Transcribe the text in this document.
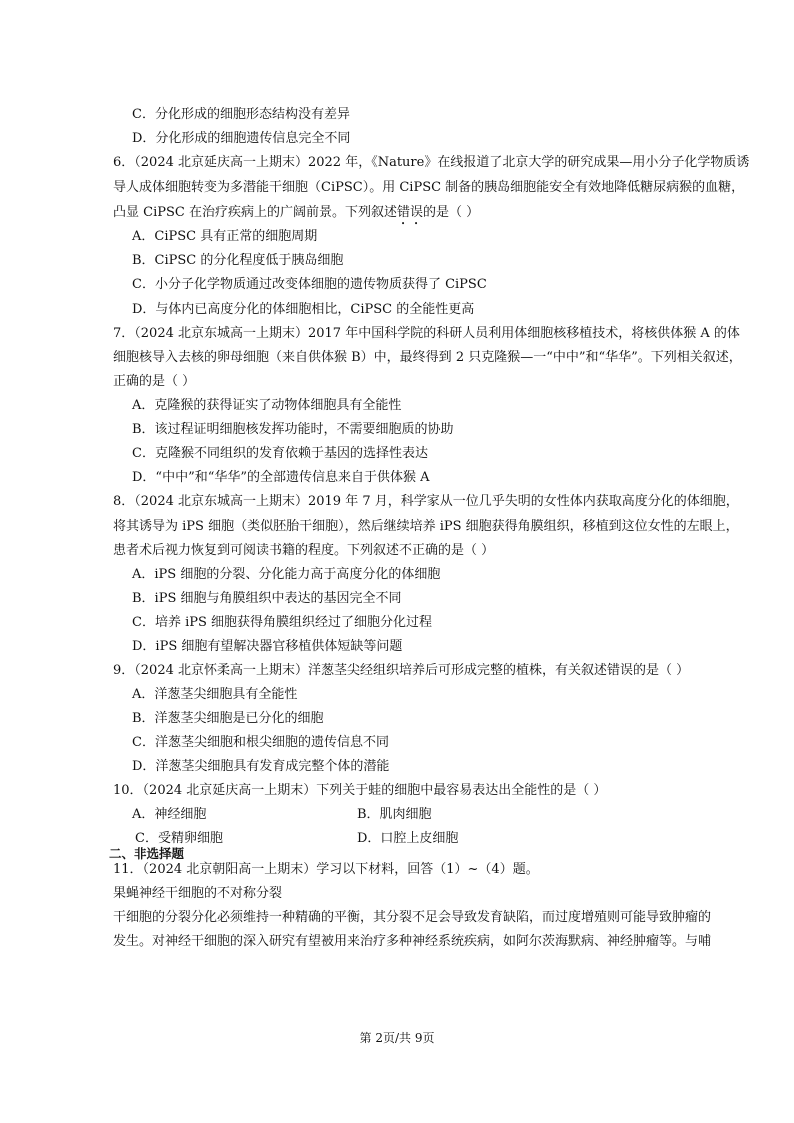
C．分化形成的细胞形态结构没有差异
D．分化形成的细胞遗传信息完全不同
6．（2024 北京延庆高一上期末）2022 年，《Nature》在线报道了北京大学的研究成果—用小分子化学物质诱
导人成体细胞转变为多潜能干细胞（CiPSC）。用 CiPSC 制备的胰岛细胞能安全有效地降低糖尿病猴的血糖，
凸显 CiPSC 在治疗疾病上的广阔前景。下列叙述错误的是（ ）
A．CiPSC 具有正常的细胞周期
B．CiPSC 的分化程度低于胰岛细胞
C．小分子化学物质通过改变体细胞的遗传物质获得了 CiPSC
D．与体内已高度分化的体细胞相比，CiPSC 的全能性更高
7．（2024 北京东城高一上期末）2017 年中国科学院的科研人员利用体细胞核移植技术，将核供体猴 A 的体
细胞核导入去核的卵母细胞（来自供体猴 B）中，最终得到 2 只克隆猴—一“中中”和“华华”。下列相关叙述，
正确的是（ ）
A．克隆猴的获得证实了动物体细胞具有全能性
B．该过程证明细胞核发挥功能时，不需要细胞质的协助
C．克隆猴不同组织的发育依赖于基因的选择性表达
D．“中中”和“华华”的全部遗传信息来自于供体猴 A
8．（2024 北京东城高一上期末）2019 年 7 月，科学家从一位几乎失明的女性体内获取高度分化的体细胞，
将其诱导为 iPS 细胞（类似胚胎干细胞），然后继续培养 iPS 细胞获得角膜组织，移植到这位女性的左眼上，
患者术后视力恢复到可阅读书籍的程度。下列叙述不正确的是（ ）
A．iPS 细胞的分裂、分化能力高于高度分化的体细胞
B．iPS 细胞与角膜组织中表达的基因完全不同
C．培养 iPS 细胞获得角膜组织经过了细胞分化过程
D．iPS 细胞有望解决器官移植供体短缺等问题
9．（2024 北京怀柔高一上期末）洋葱茎尖经组织培养后可形成完整的植株，有关叙述错误的是（ ）
A．洋葱茎尖细胞具有全能性
B．洋葱茎尖细胞是已分化的细胞
C．洋葱茎尖细胞和根尖细胞的遗传信息不同
D．洋葱茎尖细胞具有发育成完整个体的潜能
10．（2024 北京延庆高一上期末）下列关于蛙的细胞中最容易表达出全能性的是（ ）
A．神经细胞	B．肌肉细胞
C．受精卵细胞	D．口腔上皮细胞
二、非选择题
11．（2024 北京朝阳高一上期末）学习以下材料，回答（1）~（4）题。
果蝇神经干细胞的不对称分裂
干细胞的分裂分化必须维持一种精确的平衡，其分裂不足会导致发育缺陷，而过度增殖则可能导致肿瘤的
发生。对神经干细胞的深入研究有望被用来治疗多种神经系统疾病，如阿尔茨海默病、神经肿瘤等。与哺
第 2页/共 9页
